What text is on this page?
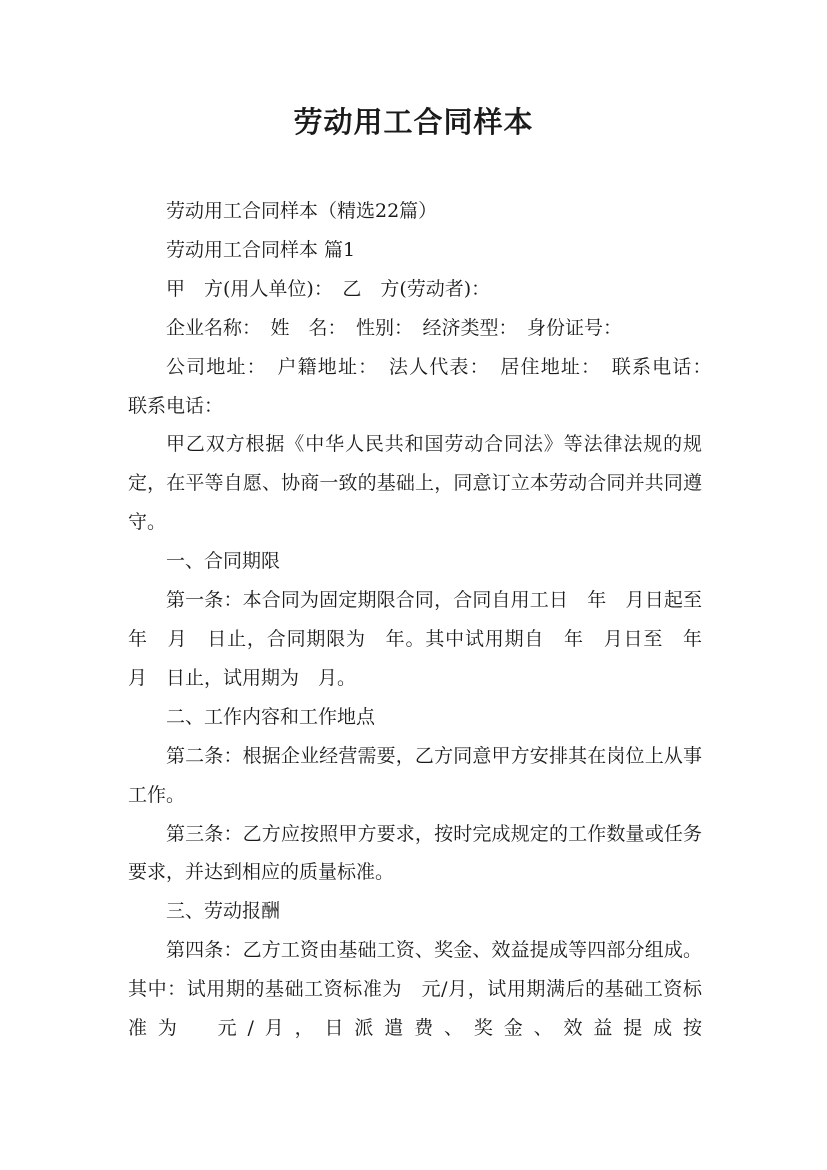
劳动用工合同样本

劳动用工合同样本（精选22篇）

劳动用工合同样本 篇1

甲　方(用人单位)：　乙　方(劳动者)：

企业名称：　姓　名：　性别：　经济类型：　身份证号：

公司地址：　户籍地址：　法人代表：　居住地址：　联系电话：　联系电话：

甲乙双方根据《中华人民共和国劳动合同法》等法律法规的规定，在平等自愿、协商一致的基础上，同意订立本劳动合同并共同遵守。

一、合同期限

第一条：本合同为固定期限合同，合同自用工日　年　月日起至　年　月　日止，合同期限为　年。其中试用期自　年　月日至　年　月　日止，试用期为　月。

二、工作内容和工作地点

第二条：根据企业经营需要，乙方同意甲方安排其在岗位上从事　工作。

第三条：乙方应按照甲方要求，按时完成规定的工作数量或任务要求，并达到相应的质量标准。

三、劳动报酬

第四条：乙方工资由基础工资、奖金、效益提成等四部分组成。其中：试用期的基础工资标准为　元/月，试用期满后的基础工资标准为　元/月，日派遣费、奖金、效益提成按
